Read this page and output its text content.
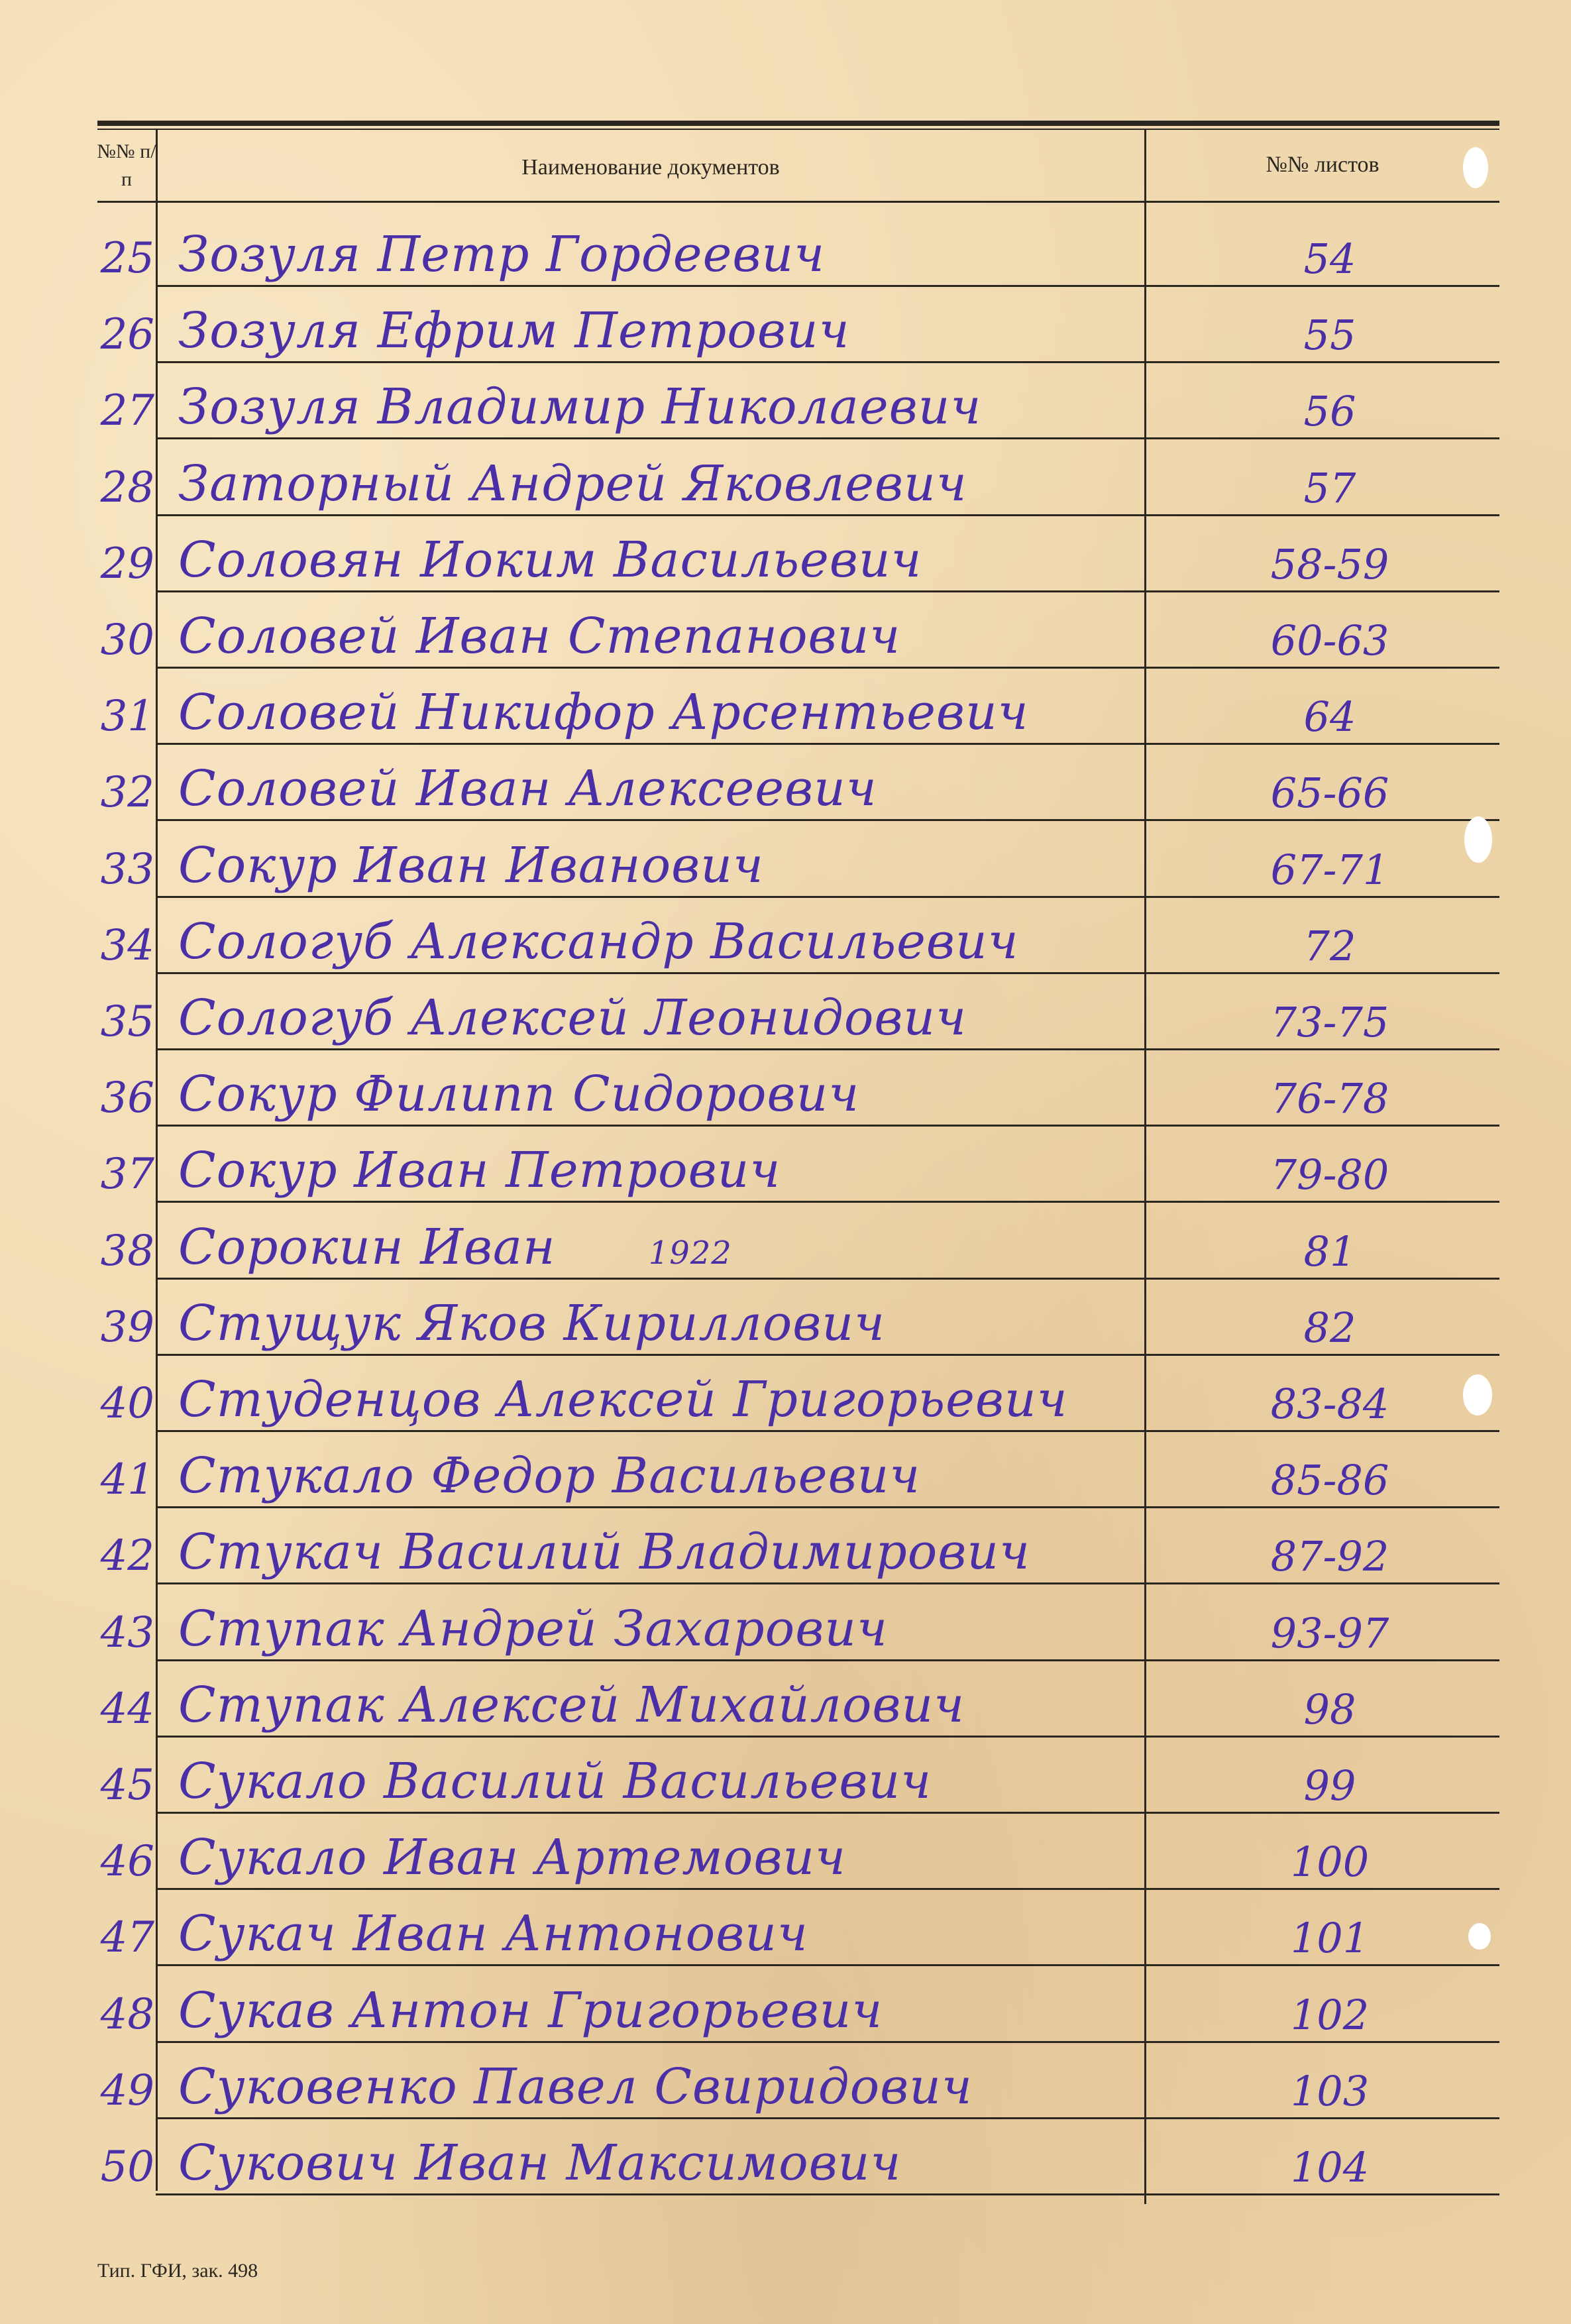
№№ п/п	Наименование документов	№№ листов
25 Зозуля Петр Гордеевич	54
26 Зозуля Ефрим Петрович	55
27 Зозуля Владимир Николаевич	56
28 Заторный Андрей Яковлевич	57
29 Соловян Иоким Васильевич	58-59
30 Соловей Иван Степанович	60-63
31 Соловей Никифор Арсентьевич	64
32 Соловей Иван Алексеевич	65-66
33 Сокур Иван Иванович	67-71
34 Сологуб Александр Васильевич	72
35 Сологуб Алексей Леонидович	73-75
36 Сокур Филипп Сидорович	76-78
37 Сокур Иван Петрович	79-80
38 Сорокин Иван	1922	81
39 Стущук Яков Кириллович	82
40 Студенцов Алексей Григорьевич	83-84
41 Стукало Федор Васильевич	85-86
42 Стукач Василий Владимирович	87-92
43 Ступак Андрей Захарович	93-97
44 Ступак Алексей Михайлович	98
45 Сукало Василий Васильевич	99
46 Сукало Иван Артемович	100
47 Сукач Иван Антонович	101
48 Сукав Антон Григорьевич	102
49 Суковенко Павел Свиридович	103
50 Сукович Иван Максимович	104
Тип. ГФИ, зак. 498
